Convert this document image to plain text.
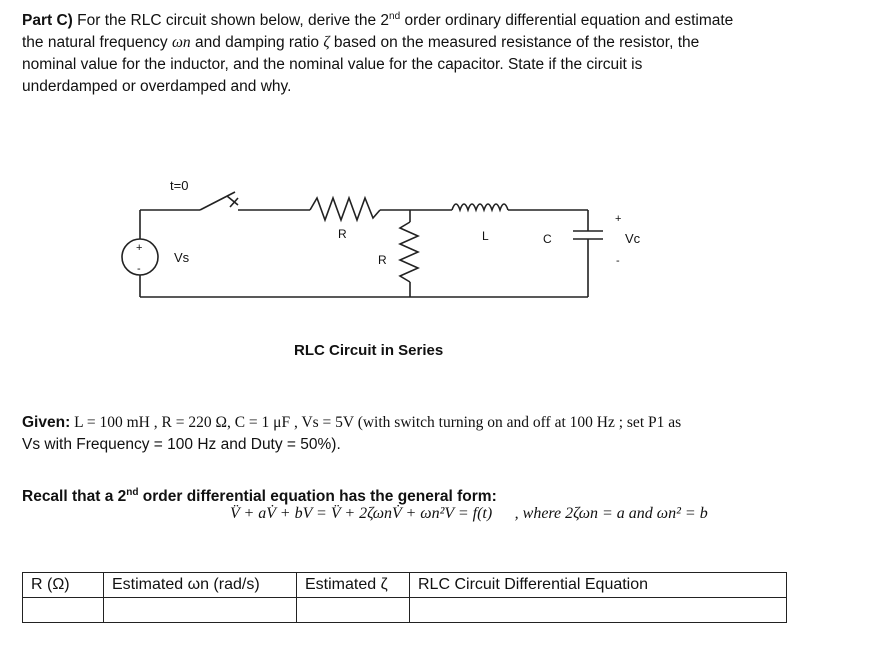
Part C) For the RLC circuit shown below, derive the 2nd order ordinary differential equation and estimate
the natural frequency ωn and damping ratio ζ based on the measured resistance of the resistor, the
nominal value for the inductor, and the nominal value for the capacitor. State if the circuit is
underdamped or overdamped and why.
t=0
Vs
+
-
R
R
L	C
+
Vc
-
RLC Circuit in Series
Given: L = 100 mH , R = 220 Ω, C = 1 μF , Vs = 5V (with switch turning on and off at 100 Hz ; set P1 as
Vs with Frequency = 100 Hz and Duty = 50%).
Recall that a 2nd order differential equation has the general form:
V̈ + aV̇ + bV = V̈ + 2ζωnV̇ + ωn²V = f(t) , where 2ζωn = a and ωn² = b
R (Ω)	Estimated ωn (rad/s)	Estimated ζ	RLC Circuit Differential Equation
